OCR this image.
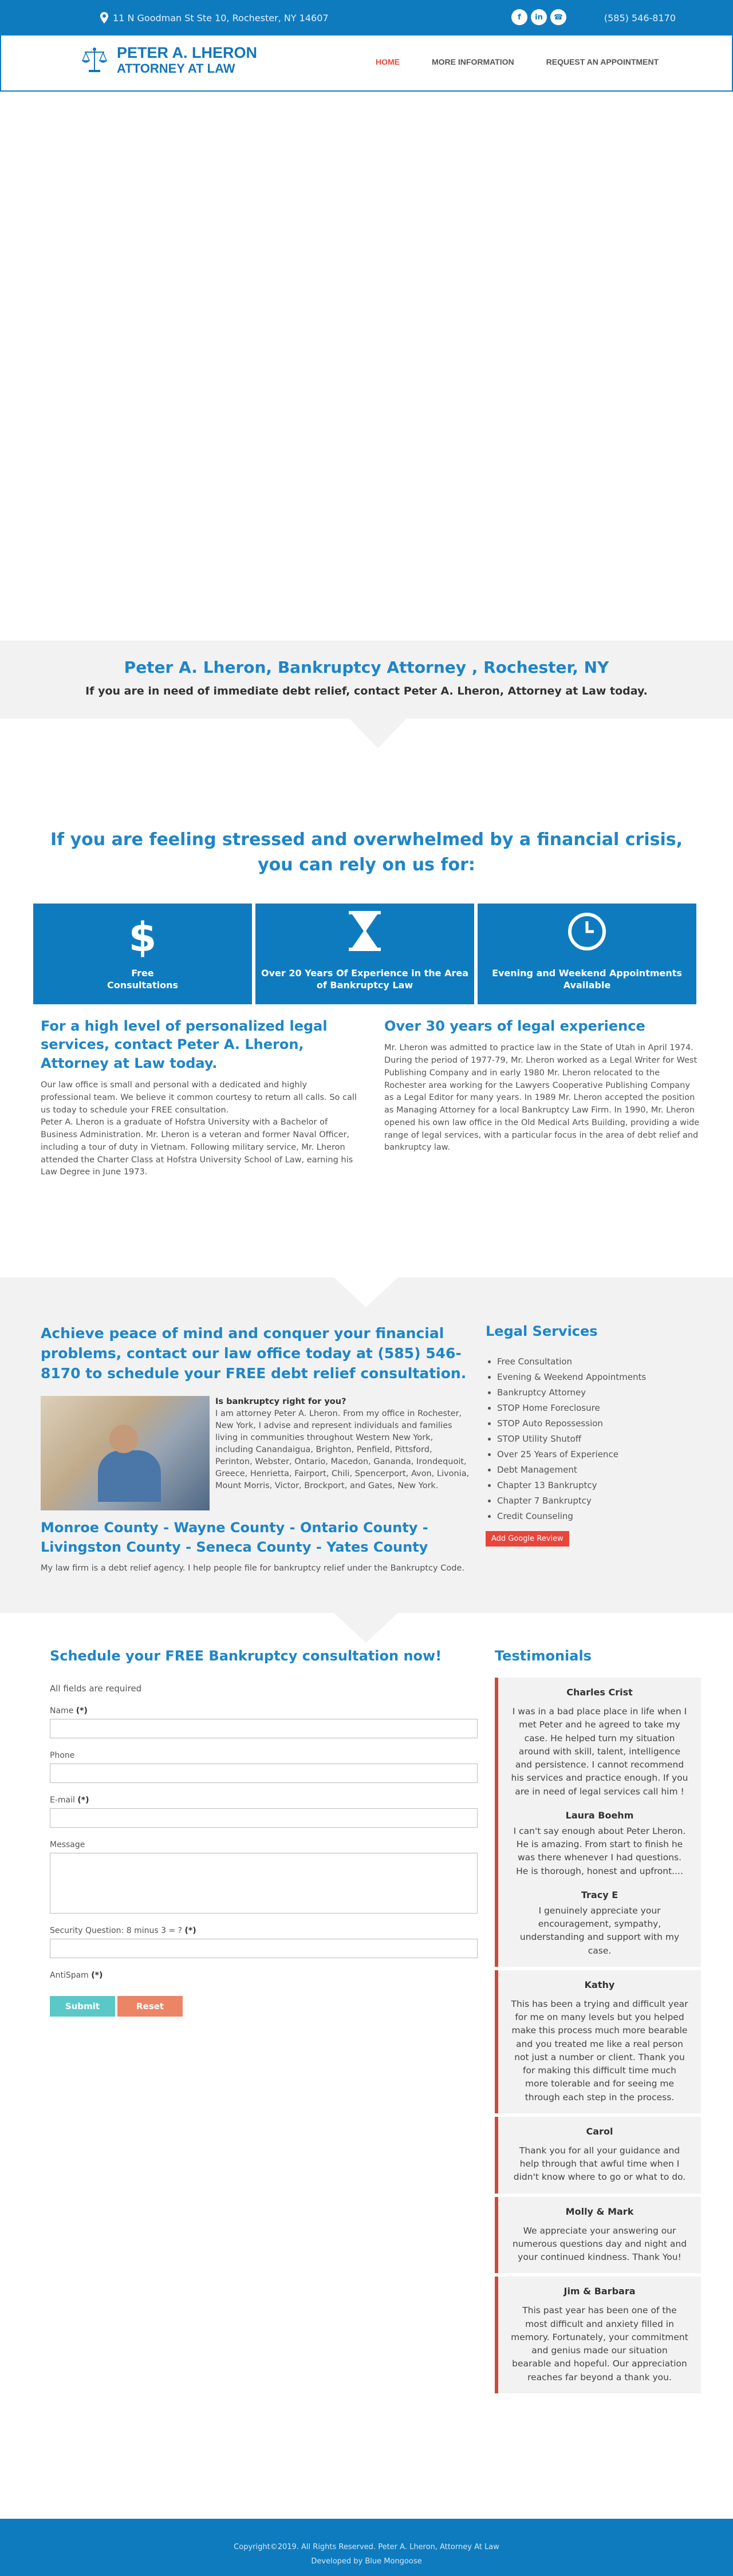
11 N Goodman St Ste 10, Rochester, NY 14607	f	in	☎	(585) 546-8170
PETER A. LHERON
ATTORNEY AT LAW	HOME	MORE INFORMATION	REQUEST AN APPOINTMENT
Peter A. Lheron, Bankruptcy Attorney , Rochester, NY

If you are in need of immediate debt relief, contact Peter A. Lheron, Attorney at Law today.

If you are feeling stressed and overwhelmed by a financial crisis,
you can rely on us for:
$
Free
Consultations
Over 20 Years Of Experience in the Area of Bankruptcy Law
Evening and Weekend Appointments Available
For a high level of personalized legal services, contact Peter A. Lheron, Attorney at Law today.

Our law office is small and personal with a dedicated and highly professional team. We believe it common courtesy to return all calls. So call us today to schedule your FREE consultation.

Peter A. Lheron is a graduate of Hofstra University with a Bachelor of Business Administration. Mr. Lheron is a veteran and former Naval Officer, including a tour of duty in Vietnam. Following military service, Mr. Lheron attended the Charter Class at Hofstra University School of Law, earning his Law Degree in June 1973.

Over 30 years of legal experience

Mr. Lheron was admitted to practice law in the State of Utah in April 1974. During the period of 1977-79, Mr. Lheron worked as a Legal Writer for West Publishing Company and in early 1980 Mr. Lheron relocated to the Rochester area working for the Lawyers Cooperative Publishing Company as a Legal Editor for many years. In 1989 Mr. Lheron accepted the position as Managing Attorney for a local Bankruptcy Law Firm. In 1990, Mr. Lheron opened his own law office in the Old Medical Arts Building, providing a wide range of legal services, with a particular focus in the area of debt relief and bankruptcy law.

Achieve peace of mind and conquer your financial problems, contact our law office today at (585) 546-8170 to schedule your FREE debt relief consultation.
Is bankruptcy right for you?
I am attorney Peter A. Lheron. From my office in Rochester, New York, I advise and represent individuals and families living in communities throughout Western New York, including Canandaigua, Brighton, Penfield, Pittsford, Perinton, Webster, Ontario, Macedon, Gananda, Irondequoit, Greece, Henrietta, Fairport, Chili, Spencerport, Avon, Livonia, Mount Morris, Victor, Brockport, and Gates, New York.
Monroe County - Wayne County - Ontario County - Livingston County - Seneca County - Yates County

My law firm is a debt relief agency. I help people file for bankruptcy relief under the Bankruptcy Code.

Legal Services
• Free Consultation
• Evening & Weekend Appointments
• Bankruptcy Attorney
• STOP Home Foreclosure
• STOP Auto Repossession
• STOP Utility Shutoff
• Over 25 Years of Experience
• Debt Management
• Chapter 13 Bankruptcy
• Chapter 7 Bankruptcy
• Credit Counseling
Add Google Review
Schedule your FREE Bankruptcy consultation now!
All fields are required
Name (*)
Phone
E-mail (*)
Message
Security Question: 8 minus 3 = ? (*)
AntiSpam (*)
Submit	Reset
Testimonials
Charles Crist
I was in a bad place place in life when I met Peter and he agreed to take my case. He helped turn my situation around with skill, talent, intelligence and persistence. I cannot recommend his services and practice enough. If you are in need of legal services call him !
Laura Boehm
I can't say enough about Peter Lheron. He is amazing. From start to finish he was there whenever I had questions. He is thorough, honest and upfront....
Tracy E
I genuinely appreciate your encouragement, sympathy, understanding and support with my case.
Kathy
This has been a trying and difficult year for me on many levels but you helped make this process much more bearable and you treated me like a real person not just a number or client. Thank you for making this difficult time much more tolerable and for seeing me through each step in the process.
Carol
Thank you for all your guidance and help through that awful time when I didn't know where to go or what to do.
Molly & Mark
We appreciate your answering our numerous questions day and night and your continued kindness. Thank You!
Jim & Barbara
This past year has been one of the most difficult and anxiety filled in memory. Fortunately, your commitment and genius made our situation bearable and hopeful. Our appreciation reaches far beyond a thank you.
Copyright©2019. All Rights Reserved. Peter A. Lheron, Attorney At Law
Developed by Blue Mongoose
